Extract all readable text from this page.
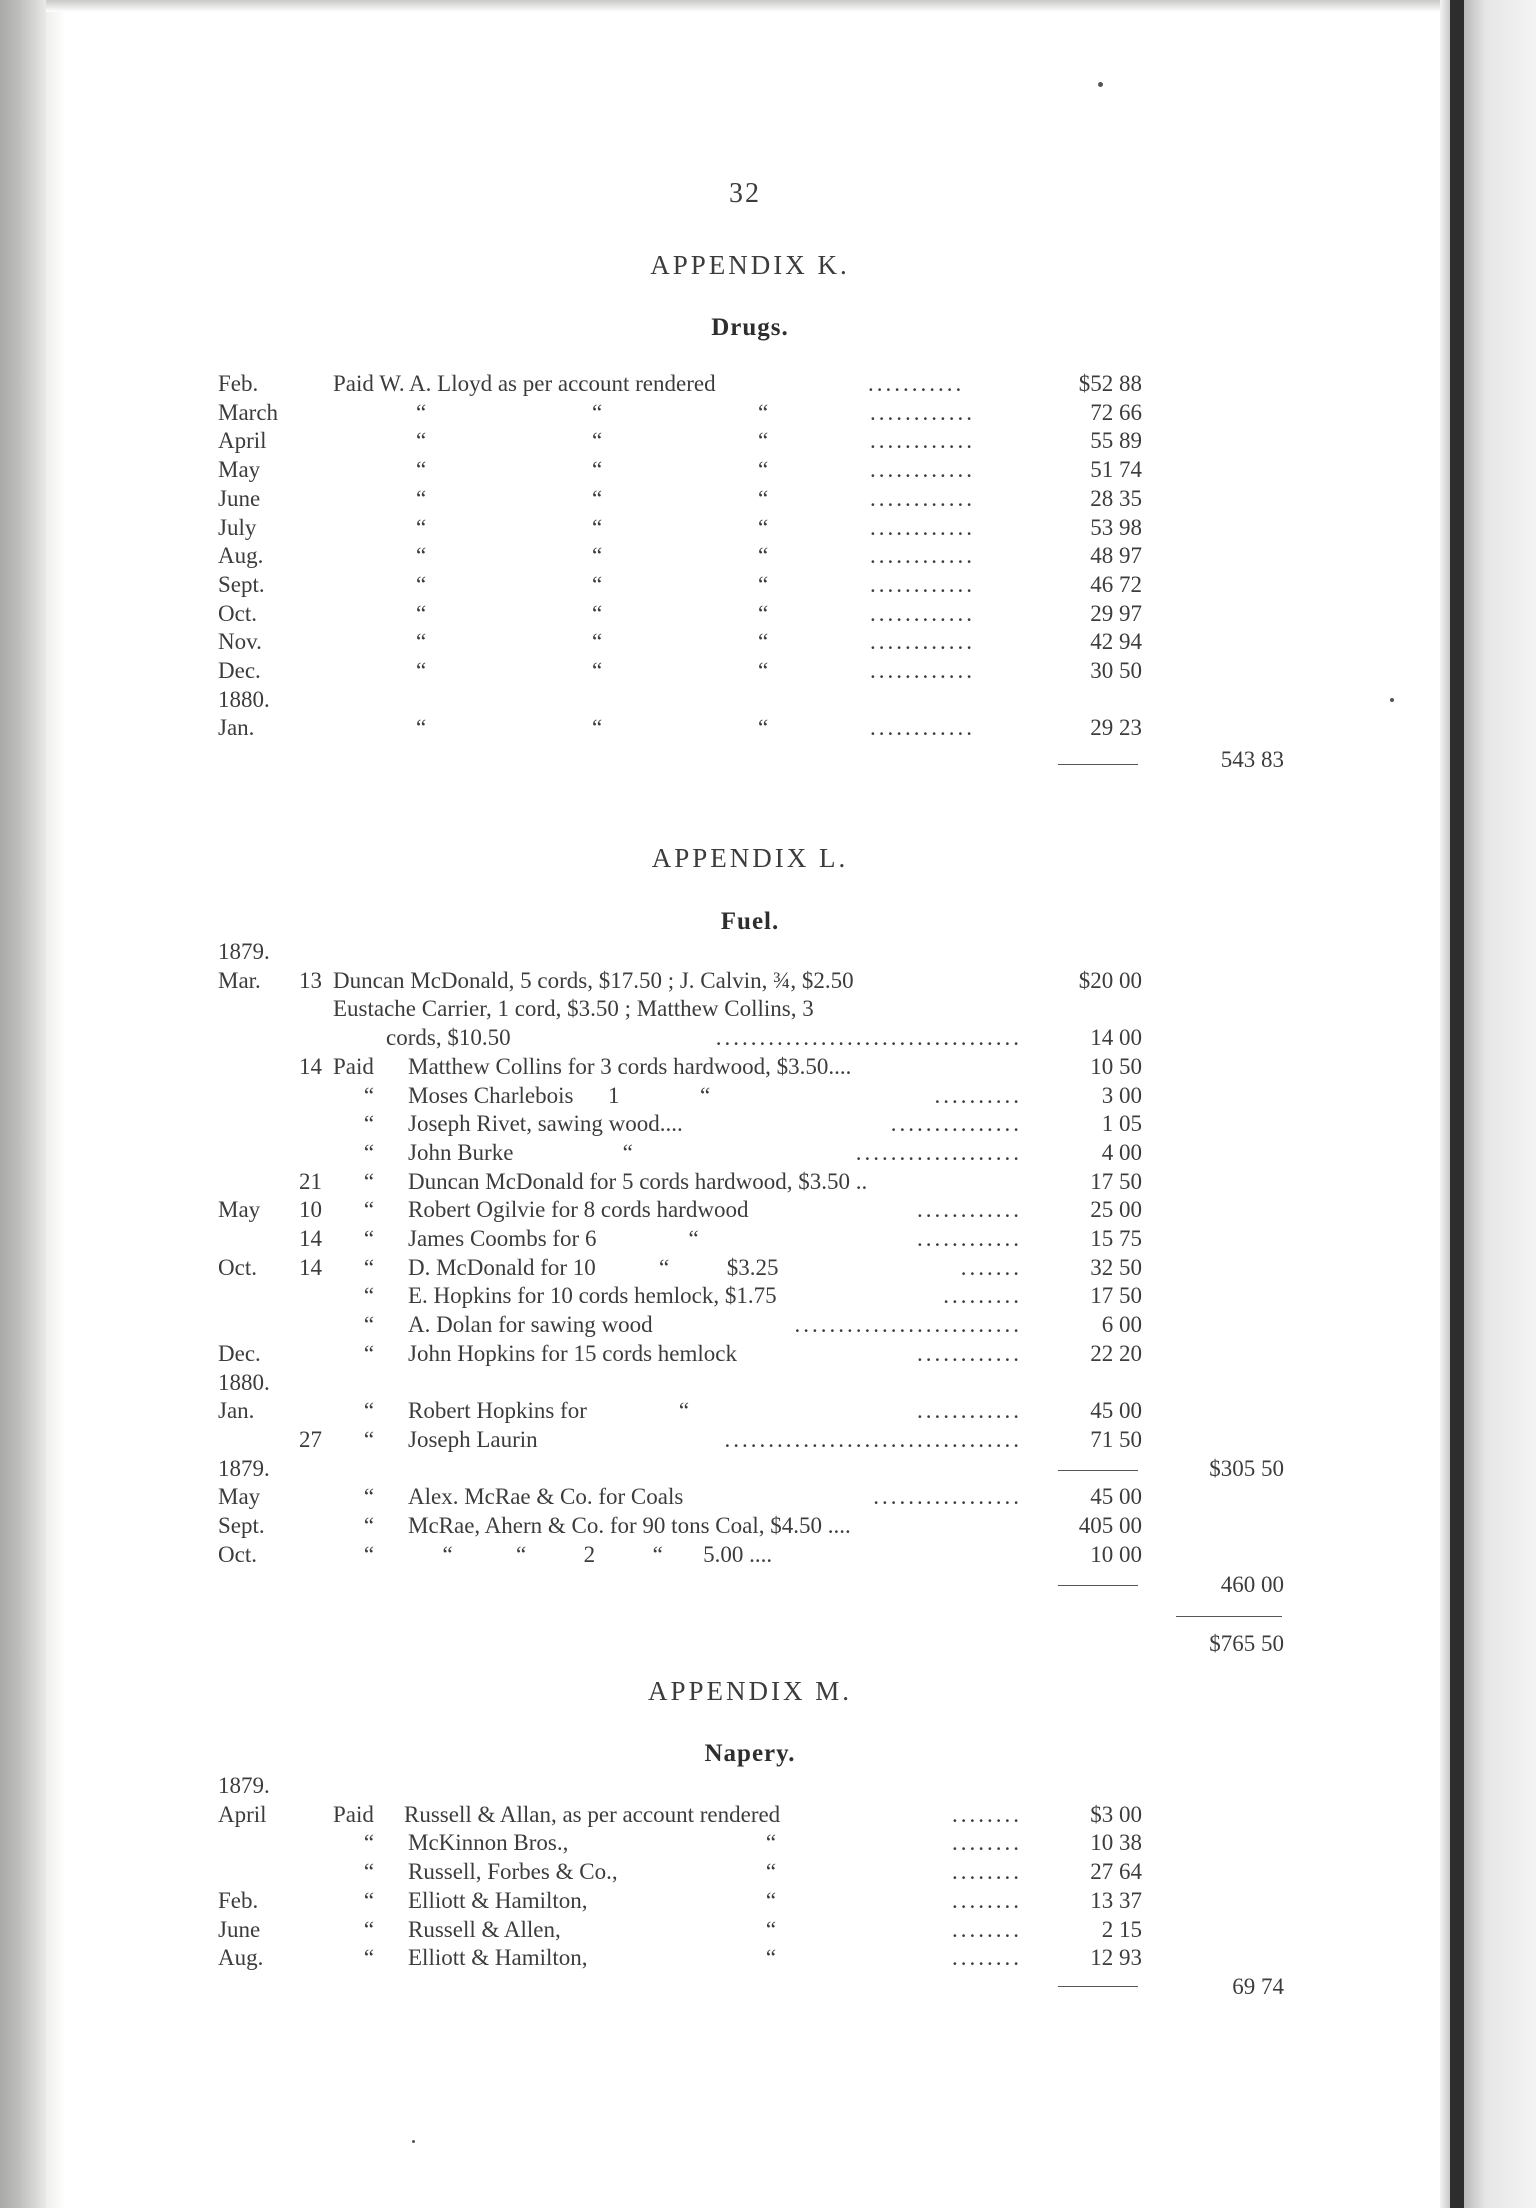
32
APPENDIX K.
Drugs.
Feb.	Paid W. A. Lloyd as per account rendered	...........	$52 88
March	“	“	“	............	72 66
April	“	“	“	............	55 89
May	“	“	“	............	51 74
June	“	“	“	............	28 35
July	“	“	“	............	53 98
Aug.	“	“	“	............	48 97
Sept.	“	“	“	............	46 72
Oct.	“	“	“	............	29 97
Nov.	“	“	“	............	42 94
Dec.	“	“	“	............	30 50
1880.
Jan.	“	“	“	............	29 23
543 83
APPENDIX L.
Fuel.
1879.
Mar.	13 Duncan McDonald, 5 cords, $17.50 ; J. Calvin, ¾, $2.50	$20 00
Eustache Carrier, 1 cord, $3.50 ; Matthew Collins, 3
cords, $10.50	...................................	14 00
14 Paid Matthew Collins for 3 cords hardwood, $3.50....	10 50
“ Moses Charlebois      1              “	..........	3 00
“ Joseph Rivet, sawing wood....	...............	1 05
“ John Burke                   “	...................	4 00
21 “ Duncan McDonald for 5 cords hardwood, $3.50 ..	17 50
May	10 “ Robert Ogilvie for 8 cords hardwood	............	25 00
14 “ James Coombs for 6                “	............	15 75
Oct.	14 “ D. McDonald for 10           “          $3.25	.......	32 50
“ E. Hopkins for 10 cords hemlock, $1.75	.........	17 50
“ A. Dolan for sawing wood	..........................	6 00
Dec.	“ John Hopkins for 15 cords hemlock	............	22 20
1880.
Jan.	“ Robert Hopkins for                “	............	45 00
27 “ Joseph Laurin	..................................	71 50
1879.	$305 50
May	“ Alex. McRae & Co. for Coals	.................	45 00
Sept.	“ McRae, Ahern & Co. for 90 tons Coal, $4.50 ....	405 00
Oct.	“ “           “          2          “       5.00 ....	10 00
460 00
$765 50
APPENDIX M.
Napery.
1879.
April	Paid Russell & Allan, as per account rendered	........	$3 00
“ McKinnon Bros.,	“	........	10 38
“ Russell, Forbes & Co.,	“	........	27 64
Feb.	“ Elliott & Hamilton,	“	........	13 37
June	“ Russell & Allen,	“	........	2 15
Aug.	“ Elliott & Hamilton,	“	........	12 93
69 74
